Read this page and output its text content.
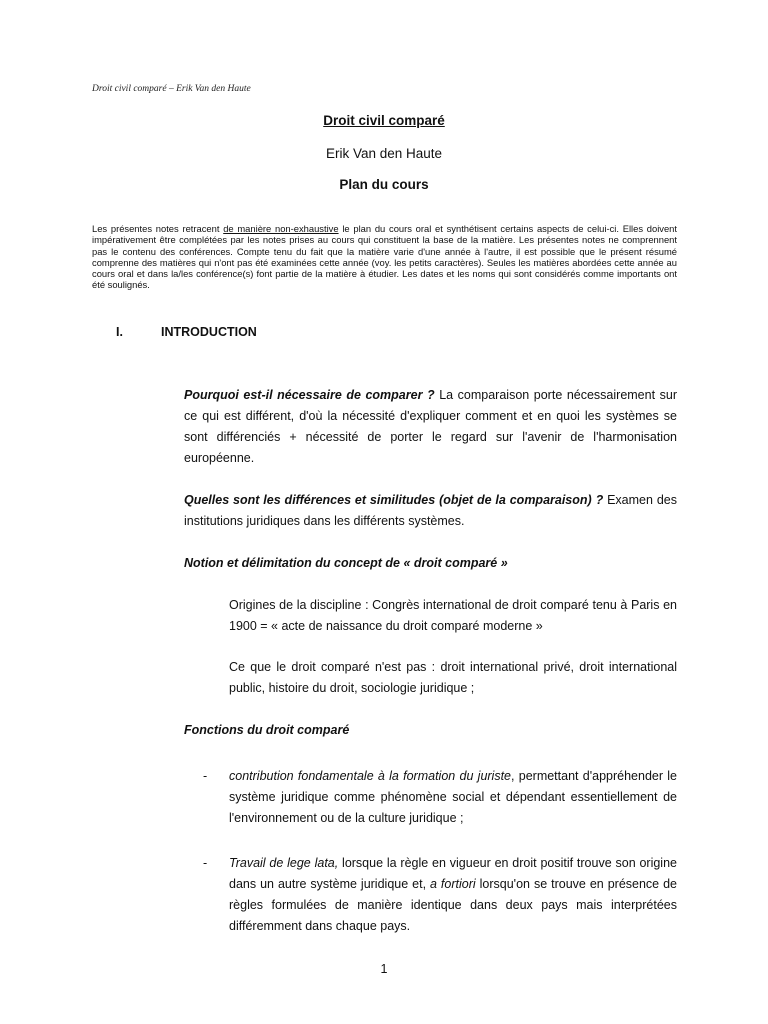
Droit civil comparé – Erik Van den Haute
Droit civil comparé
Erik Van den Haute
Plan du cours
Les présentes notes retracent de manière non-exhaustive le plan du cours oral et synthétisent certains aspects de celui-ci. Elles doivent impérativement être complétées par les notes prises au cours qui constituent la base de la matière. Les présentes notes ne comprennent pas le contenu des conférences. Compte tenu du fait que la matière varie d'une année à l'autre, il est possible que le présent résumé comprenne des matières qui n'ont pas été examinées cette année (voy. les petits caractères). Seules les matières abordées cette année au cours oral et dans la/les conférence(s) font partie de la matière à étudier. Les dates et les noms qui sont considérés comme importants ont été soulignés.
I.	INTRODUCTION
Pourquoi est-il nécessaire de comparer ? La comparaison porte nécessairement sur ce qui est différent, d'où la nécessité d'expliquer comment et en quoi les systèmes se sont différenciés + nécessité de porter le regard sur l'avenir de l'harmonisation européenne.
Quelles sont les différences et similitudes (objet de la comparaison) ? Examen des institutions juridiques dans les différents systèmes.
Notion et délimitation du concept de « droit comparé »
Origines de la discipline : Congrès international de droit comparé tenu à Paris en 1900 = « acte de naissance du droit comparé moderne »
Ce que le droit comparé n'est pas : droit international privé, droit international public, histoire du droit, sociologie juridique ;
Fonctions du droit comparé
- contribution fondamentale à la formation du juriste, permettant d'appréhender le système juridique comme phénomène social et dépendant essentiellement de l'environnement ou de la culture juridique ;
- Travail de lege lata, lorsque la règle en vigueur en droit positif trouve son origine dans un autre système juridique et, a fortiori lorsqu'on se trouve en présence de règles formulées de manière identique dans deux pays mais interprétées différemment dans chaque pays.
1
